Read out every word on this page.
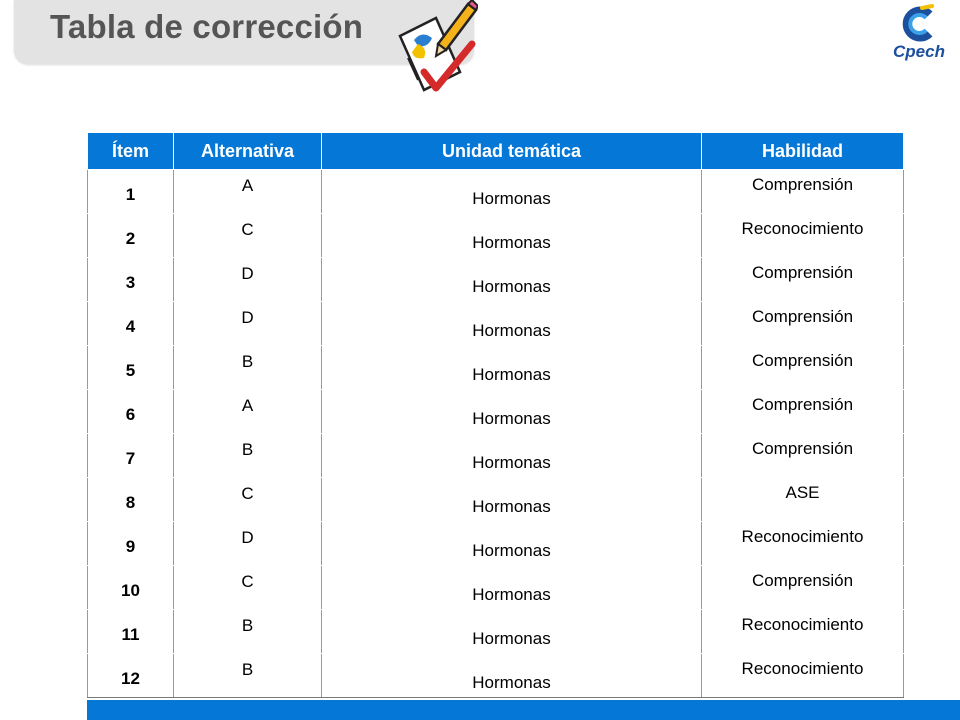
Tabla de corrección
Cpech
Ítem	Alternativa	Unidad temática	Habilidad
1	A	Hormonas	Comprensión
2	C	Hormonas	Reconocimiento
3	D	Hormonas	Comprensión
4	D	Hormonas	Comprensión
5	B	Hormonas	Comprensión
6	A	Hormonas	Comprensión
7	B	Hormonas	Comprensión
8	C	Hormonas	ASE
9	D	Hormonas	Reconocimiento
10	C	Hormonas	Comprensión
11	B	Hormonas	Reconocimiento
12	B	Hormonas	Reconocimiento
